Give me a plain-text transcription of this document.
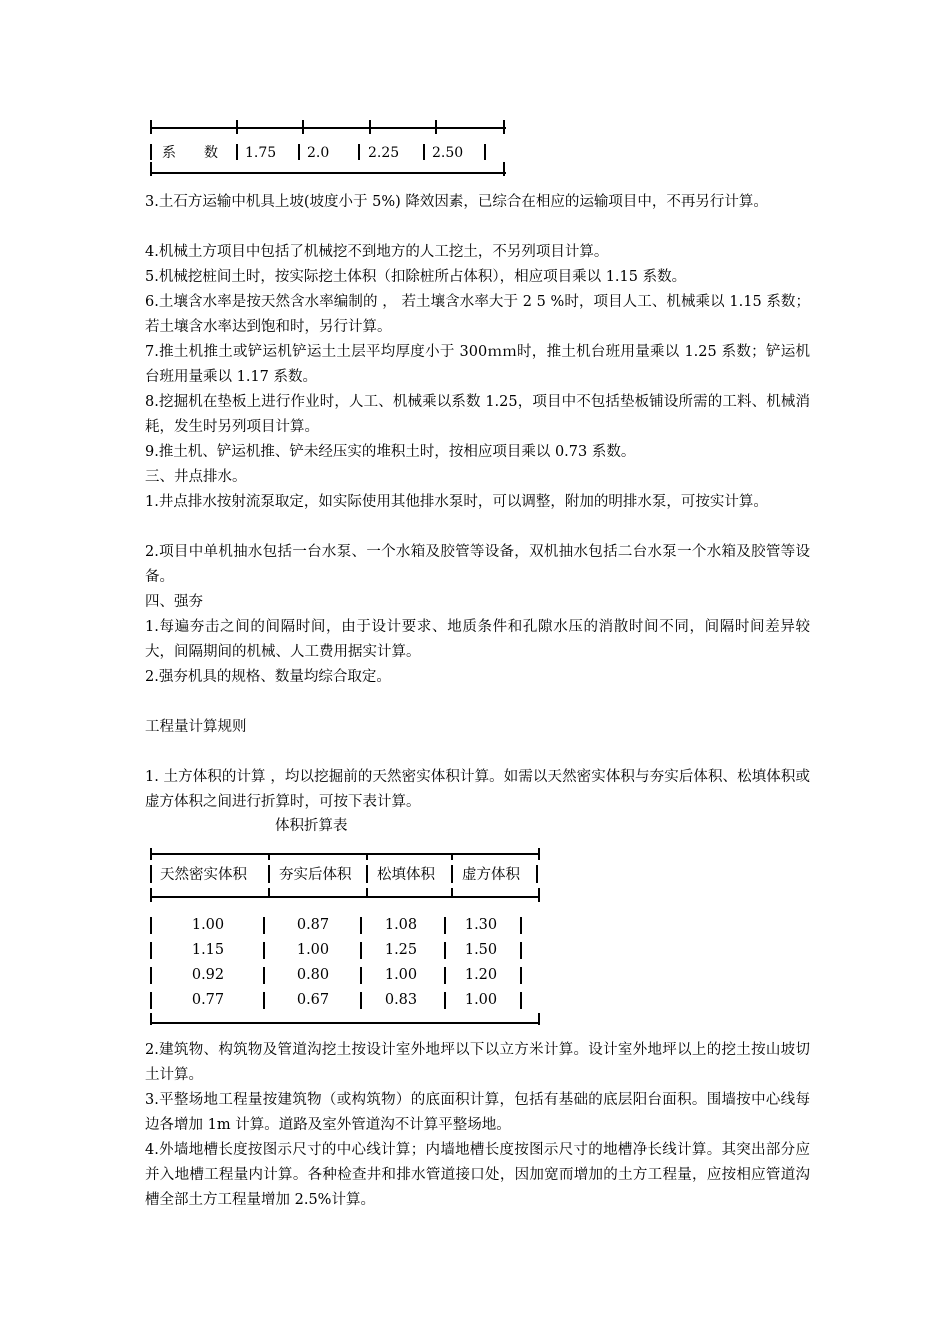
系　　数 1.75 2.0	2.25 2.50

3.土石方运输中机具上坡(坡度小于 5%) 降效因素，已综合在相应的运输项目中，不再另行计算。

4.机械土方项目中包括了机械挖不到地方的人工挖土，不另列项目计算。

5.机械挖桩间土时，按实际挖土体积（扣除桩所占体积），相应项目乘以 1.15 系数。

6.土壤含水率是按天然含水率编制的 ， 若土壤含水率大于 2 5 %时，项目人工、机械乘以 1.15 系数；若土壤含水率达到饱和时，另行计算。

7.推土机推土或铲运机铲运土土层平均厚度小于 300ｍｍ时，推土机台班用量乘以 1.25 系数；铲运机台班用量乘以 1.17 系数。

8.挖掘机在垫板上进行作业时，人工、机械乘以系数 1.25，项目中不包括垫板铺设所需的工料、机械消耗，发生时另列项目计算。

9.推土机、铲运机推、铲未经压实的堆积土时，按相应项目乘以 0.73 系数。

三、井点排水。

1.井点排水按射流泵取定，如实际使用其他排水泵时，可以调整，附加的明排水泵，可按实计算。

2.项目中单机抽水包括一台水泵、一个水箱及胶管等设备，双机抽水包括二台水泵一个水箱及胶管等设备。

四、强夯

1.每遍夯击之间的间隔时间，由于设计要求、地质条件和孔隙水压的消散时间不同，间隔时间差异较大，间隔期间的机械、人工费用据实计算。

2.强夯机具的规格、数量均综合取定。

工程量计算规则

1. 土方体积的计算 ，均以挖掘前的天然密实体积计算。如需以天然密实体积与夯实后体积、松填体积或虚方体积之间进行折算时，可按下表计算。

体积折算表
天然密实体积 夯实后体积 松填体积 虚方体积
1.00	0.87	1.08	1.30
1.15	1.00	1.25	1.50
0.92	0.80	1.00	1.20
0.77	0.67	0.83	1.00

2.建筑物、构筑物及管道沟挖土按设计室外地坪以下以立方米计算。设计室外地坪以上的挖土按山坡切土计算。

3.平整场地工程量按建筑物（或构筑物）的底面积计算，包括有基础的底层阳台面积。围墙按中心线每边各增加 1m 计算。道路及室外管道沟不计算平整场地。

4.外墙地槽长度按图示尺寸的中心线计算；内墙地槽长度按图示尺寸的地槽净长线计算。其突出部分应并入地槽工程量内计算。各种检查井和排水管道接口处，因加宽而增加的土方工程量，应按相应管道沟槽全部土方工程量增加 2.5%计算。
